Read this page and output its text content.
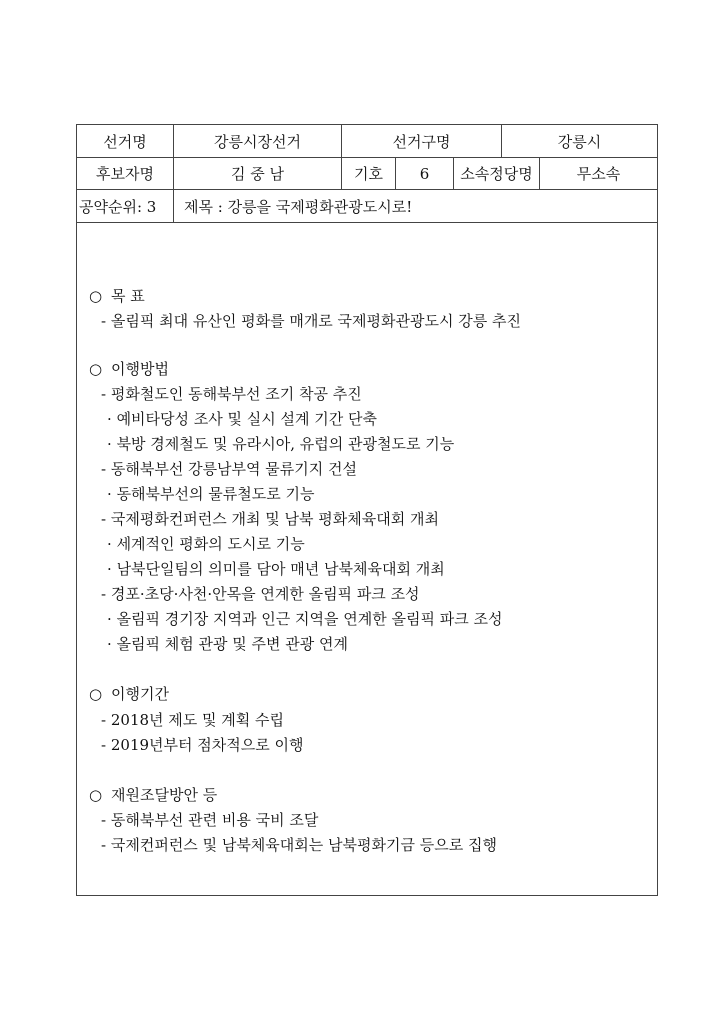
선거명	강릉시장선거	선거구명	강릉시
후보자명	김 중 남	기호	6	소속정당명	무소속
공약순위: 3	제목 : 강릉을 국제평화관광도시로!
○ 목 표
- 올림픽 최대 유산인 평화를 매개로 국제평화관광도시 강릉 추진
○ 이행방법
- 평화철도인 동해북부선 조기 착공 추진
· 예비타당성 조사 및 실시 설계 기간 단축
· 북방 경제철도 및 유라시아, 유럽의 관광철도로 기능
- 동해북부선 강릉남부역 물류기지 건설
· 동해북부선의 물류철도로 기능
- 국제평화컨퍼런스 개최 및 남북 평화체육대회 개최
· 세계적인 평화의 도시로 기능
· 남북단일팀의 의미를 담아 매년 남북체육대회 개최
- 경포·초당·사천·안목을 연계한 올림픽 파크 조성
· 올림픽 경기장 지역과 인근 지역을 연계한 올림픽 파크 조성
· 올림픽 체험 관광 및 주변 관광 연계
○ 이행기간
- 2018년 제도 및 계획 수립
- 2019년부터 점차적으로 이행
○ 재원조달방안 등
- 동해북부선 관련 비용 국비 조달
- 국제컨퍼런스 및 남북체육대회는 남북평화기금 등으로 집행
